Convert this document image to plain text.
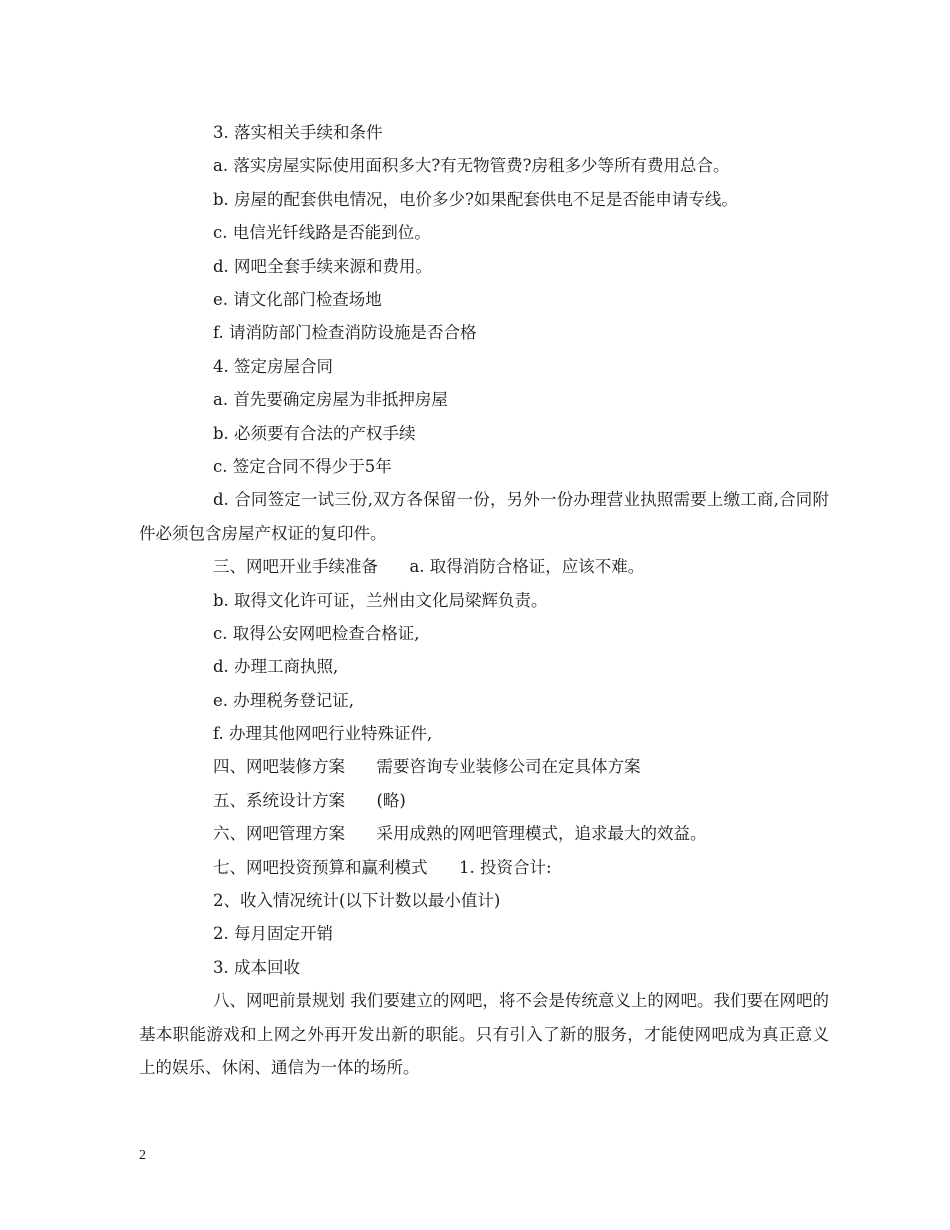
3. 落实相关手续和条件
a. 落实房屋实际使用面积多大?有无物管费?房租多少等所有费用总合。
b. 房屋的配套供电情况，电价多少?如果配套供电不足是否能申请专线。
c. 电信光钎线路是否能到位。
d. 网吧全套手续来源和费用。
e. 请文化部门检查场地
f. 请消防部门检查消防设施是否合格
4. 签定房屋合同
a. 首先要确定房屋为非抵押房屋
b. 必须要有合法的产权手续
c. 签定合同不得少于5年
d. 合同签定一试三份,双方各保留一份，另外一份办理营业执照需要上缴工商,合同附件必须包含房屋产权证的复印件。
三、网吧开业手续准备      a. 取得消防合格证，应该不难。
b. 取得文化许可证，兰州由文化局梁辉负责。
c. 取得公安网吧检查合格证,
d. 办理工商执照,
e. 办理税务登记证,
f. 办理其他网吧行业特殊证件,
四、网吧装修方案      需要咨询专业装修公司在定具体方案
五、系统设计方案      (略)
六、网吧管理方案      采用成熟的网吧管理模式，追求最大的效益。
七、网吧投资预算和赢利模式      1. 投资合计:
2、收入情况统计(以下计数以最小值计)
2. 每月固定开销
3. 成本回收
八、网吧前景规划 我们要建立的网吧，将不会是传统意义上的网吧。我们要在网吧的基本职能游戏和上网之外再开发出新的职能。只有引入了新的服务，才能使网吧成为真正意义上的娱乐、休闲、通信为一体的场所。
2
